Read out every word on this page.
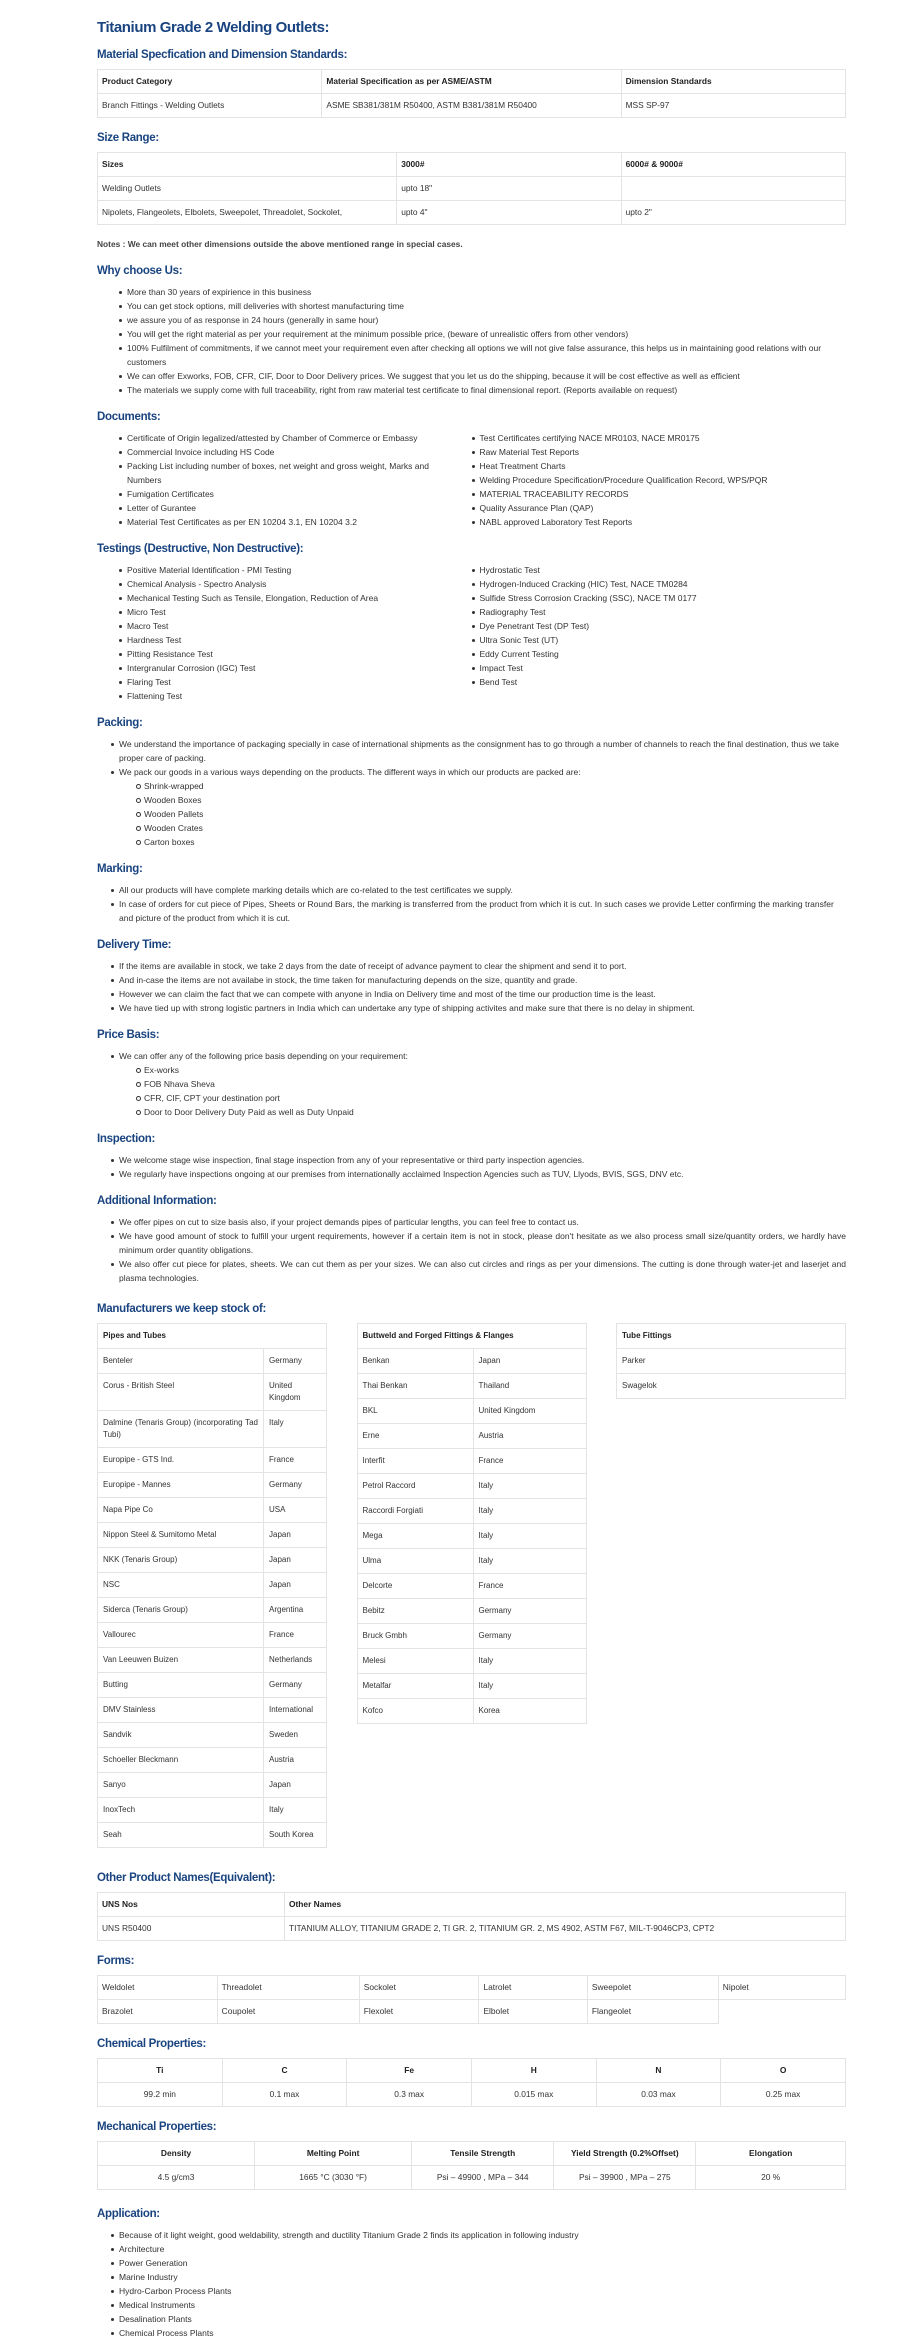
Titanium Grade 2 Welding Outlets:
Material Specfication and Dimension Standards:
Product Category	Material Specification as per ASME/ASTM	Dimension Standards
Branch Fittings - Welding Outlets	ASME SB381/381M R50400, ASTM B381/381M R50400	MSS SP-97
Size Range:
Sizes	3000#	6000# & 9000#
Welding Outlets	upto 18"	
Nipolets, Flangeolets, Elbolets, Sweepolet, Threadolet, Sockolet,	upto 4"	upto 2"

Notes : We can meet other dimensions outside the above mentioned range in special cases.

Why choose Us:
More than 30 years of expirience in this business
You can get stock options, mill deliveries with shortest manufacturing time
we assure you of as response in 24 hours (generally in same hour)
You will get the right material as per your requirement at the minimum possible price, (beware of unrealistic offers from other vendors)
100% Fulfilment of commitments, if we cannot meet your requirement even after checking all options we will not give false assurance, this helps us in maintaining good relations with our customers
We can offer Exworks, FOB, CFR, CIF, Door to Door Delivery prices. We suggest that you let us do the shipping, because it will be cost effective as well as efficient
The materials we supply come with full traceability, right from raw material test certificate to final dimensional report. (Reports available on request)
Documents:
Certificate of Origin legalized/attested by Chamber of Commerce or Embassy
Commercial Invoice including HS Code
Packing List including number of boxes, net weight and gross weight, Marks and Numbers
Fumigation Certificates
Letter of Gurantee
Material Test Certificates as per EN 10204 3.1, EN 10204 3.2
Test Certificates certifying NACE MR0103, NACE MR0175
Raw Material Test Reports
Heat Treatment Charts
Welding Procedure Specification/Procedure Qualification Record, WPS/PQR
MATERIAL TRACEABILITY RECORDS
Quality Assurance Plan (QAP)
NABL approved Laboratory Test Reports
Testings (Destructive, Non Destructive):
Positive Material Identification - PMI Testing
Chemical Analysis - Spectro Analysis
Mechanical Testing Such as Tensile, Elongation, Reduction of Area
Micro Test
Macro Test
Hardness Test
Pitting Resistance Test
Intergranular Corrosion (IGC) Test
Flaring Test
Flattening Test
Hydrostatic Test
Hydrogen-Induced Cracking (HIC) Test, NACE TM0284
Sulfide Stress Corrosion Cracking (SSC), NACE TM 0177
Radiography Test
Dye Penetrant Test (DP Test)
Ultra Sonic Test (UT)
Eddy Current Testing
Impact Test
Bend Test
Packing:
We understand the importance of packaging specially in case of international shipments as the consignment has to go through a number of channels to reach the final destination, thus we take proper care of packing.
We pack our goods in a various ways depending on the products. The different ways in which our products are packed are:
Shrink-wrapped
Wooden Boxes
Wooden Pallets
Wooden Crates
Carton boxes
Marking:
All our products will have complete marking details which are co-related to the test certificates we supply.
In case of orders for cut piece of Pipes, Sheets or Round Bars, the marking is transferred from the product from which it is cut. In such cases we provide Letter confirming the marking transfer and picture of the product from which it is cut.
Delivery Time:
If the items are available in stock, we take 2 days from the date of receipt of advance payment to clear the shipment and send it to port.
And in-case the items are not availabe in stock, the time taken for manufacturing depends on the size, quantity and grade.
However we can claim the fact that we can compete with anyone in India on Delivery time and most of the time our production time is the least.
We have tied up with strong logistic partners in India which can undertake any type of shipping activites and make sure that there is no delay in shipment.
Price Basis:
We can offer any of the following price basis depending on your requirement:
Ex-works
FOB Nhava Sheva
CFR, CIF, CPT your destination port
Door to Door Delivery Duty Paid as well as Duty Unpaid
Inspection:
We welcome stage wise inspection, final stage inspection from any of your representative or third party inspection agencies.
We regularly have inspections ongoing at our premises from internationally acclaimed Inspection Agencies such as TUV, Llyods, BVIS, SGS, DNV etc.
Additional Information:
We offer pipes on cut to size basis also, if your project demands pipes of particular lengths, you can feel free to contact us.
We have good amount of stock to fulfill your urgent requirements, however if a certain item is not in stock, please don't hesitate as we also process small size/quantity orders, we hardly have minimum order quantity obligations.
We also offer cut piece for plates, sheets. We can cut them as per your sizes. We can also cut circles and rings as per your dimensions. The cutting is done through water-jet and laserjet and plasma technologies.
Manufacturers we keep stock of:
Pipes and Tubes	
Benteler	Germany
Corus - British Steel	United Kingdom
Dalmine (Tenaris Group) (incorporating Tad Tubi)	Italy
Europipe - GTS Ind.	France
Europipe - Mannes	Germany
Napa Pipe Co	USA
Nippon Steel & Sumitomo Metal	Japan
NKK (Tenaris Group)	Japan
NSC	Japan
Siderca (Tenaris Group)	Argentina
Vallourec	France
Van Leeuwen Buizen	Netherlands
Butting	Germany
DMV Stainless	International
Sandvik	Sweden
Schoeller Bleckmann	Austria
Sanyo	Japan
InoxTech	Italy
Seah	South Korea
Buttweld and Forged Fittings & Flanges	
Benkan	Japan
Thai Benkan	Thailand
BKL	United Kingdom
Erne	Austria
Interfit	France
Petrol Raccord	Italy
Raccordi Forgiati	Italy
Mega	Italy
Ulma	Italy
Delcorte	France
Bebitz	Germany
Bruck Gmbh	Germany
Melesi	Italy
Metalfar	Italy
Kofco	Korea
Tube Fittings
Parker
Swagelok
Other Product Names(Equivalent):
UNS Nos	Other Names
UNS R50400	TITANIUM ALLOY, TITANIUM GRADE 2, TI GR. 2, TITANIUM GR. 2, MS 4902, ASTM F67, MIL-T-9046CP3, CPT2
Forms:
Weldolet	Threadolet	Sockolet	Latrolet	Sweepolet	Nipolet
Brazolet	Coupolet	Flexolet	Elbolet	Flangeolet	
Chemical Properties:
Ti	C	Fe	H	N	O
99.2 min	0.1 max	0.3 max	0.015 max	0.03 max	0.25 max
Mechanical Properties:
Density	Melting Point	Tensile Strength	Yield Strength (0.2%Offset)	Elongation
4.5 g/cm3	1665 °C (3030 °F)	Psi – 49900 , MPa – 344	Psi – 39900 , MPa – 275	20 %
Application:
Because of it light weight, good weldability, strength and ductility Titanium Grade 2 finds its application in following industry
Architecture
Power Generation
Marine Industry
Hydro-Carbon Process Plants
Medical Instruments
Desalination Plants
Chemical Process Plants
